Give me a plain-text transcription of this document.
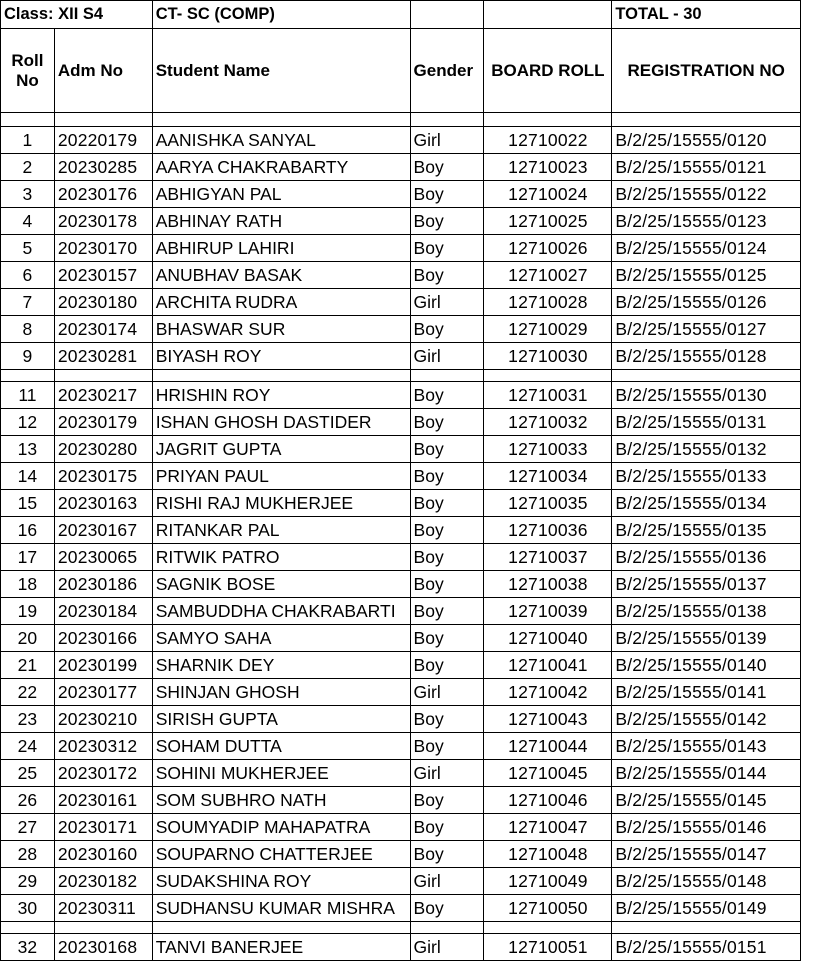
Class: XII S4		CT- SC (COMP)			TOTAL - 30	

Roll
No	Adm No	Student Name	Gender	BOARD ROLL	REGISTRATION NO	

1	20220179	AANISHKA SANYAL	Girl	12710022	B/2/25/15555/0120	
2	20230285	AARYA CHAKRABARTY	Boy	12710023	B/2/25/15555/0121	
3	20230176	ABHIGYAN PAL	Boy	12710024	B/2/25/15555/0122	
4	20230178	ABHINAY RATH	Boy	12710025	B/2/25/15555/0123	
5	20230170	ABHIRUP LAHIRI	Boy	12710026	B/2/25/15555/0124	
6	20230157	ANUBHAV BASAK	Boy	12710027	B/2/25/15555/0125	
7	20230180	ARCHITA RUDRA	Girl	12710028	B/2/25/15555/0126	
8	20230174	BHASWAR SUR	Boy	12710029	B/2/25/15555/0127	
9	20230281	BIYASH ROY	Girl	12710030	B/2/25/15555/0128	

11	20230217	HRISHIN ROY	Boy	12710031	B/2/25/15555/0130	
12	20230179	ISHAN GHOSH DASTIDER	Boy	12710032	B/2/25/15555/0131	
13	20230280	JAGRIT GUPTA	Boy	12710033	B/2/25/15555/0132	
14	20230175	PRIYAN PAUL	Boy	12710034	B/2/25/15555/0133	
15	20230163	RISHI RAJ MUKHERJEE	Boy	12710035	B/2/25/15555/0134	
16	20230167	RITANKAR PAL	Boy	12710036	B/2/25/15555/0135	
17	20230065	RITWIK PATRO	Boy	12710037	B/2/25/15555/0136	
18	20230186	SAGNIK BOSE	Boy	12710038	B/2/25/15555/0137	
19	20230184	SAMBUDDHA CHAKRABARTI	Boy	12710039	B/2/25/15555/0138	
20	20230166	SAMYO SAHA	Boy	12710040	B/2/25/15555/0139	
21	20230199	SHARNIK DEY	Boy	12710041	B/2/25/15555/0140	
22	20230177	SHINJAN GHOSH	Girl	12710042	B/2/25/15555/0141	
23	20230210	SIRISH GUPTA	Boy	12710043	B/2/25/15555/0142	
24	20230312	SOHAM DUTTA	Boy	12710044	B/2/25/15555/0143	
25	20230172	SOHINI MUKHERJEE	Girl	12710045	B/2/25/15555/0144	
26	20230161	SOM SUBHRO NATH	Boy	12710046	B/2/25/15555/0145	
27	20230171	SOUMYADIP MAHAPATRA	Boy	12710047	B/2/25/15555/0146	
28	20230160	SOUPARNO CHATTERJEE	Boy	12710048	B/2/25/15555/0147	
29	20230182	SUDAKSHINA ROY	Girl	12710049	B/2/25/15555/0148	
30	20230311	SUDHANSU KUMAR MISHRA	Boy	12710050	B/2/25/15555/0149	

32	20230168	TANVI BANERJEE	Girl	12710051	B/2/25/15555/0151	
